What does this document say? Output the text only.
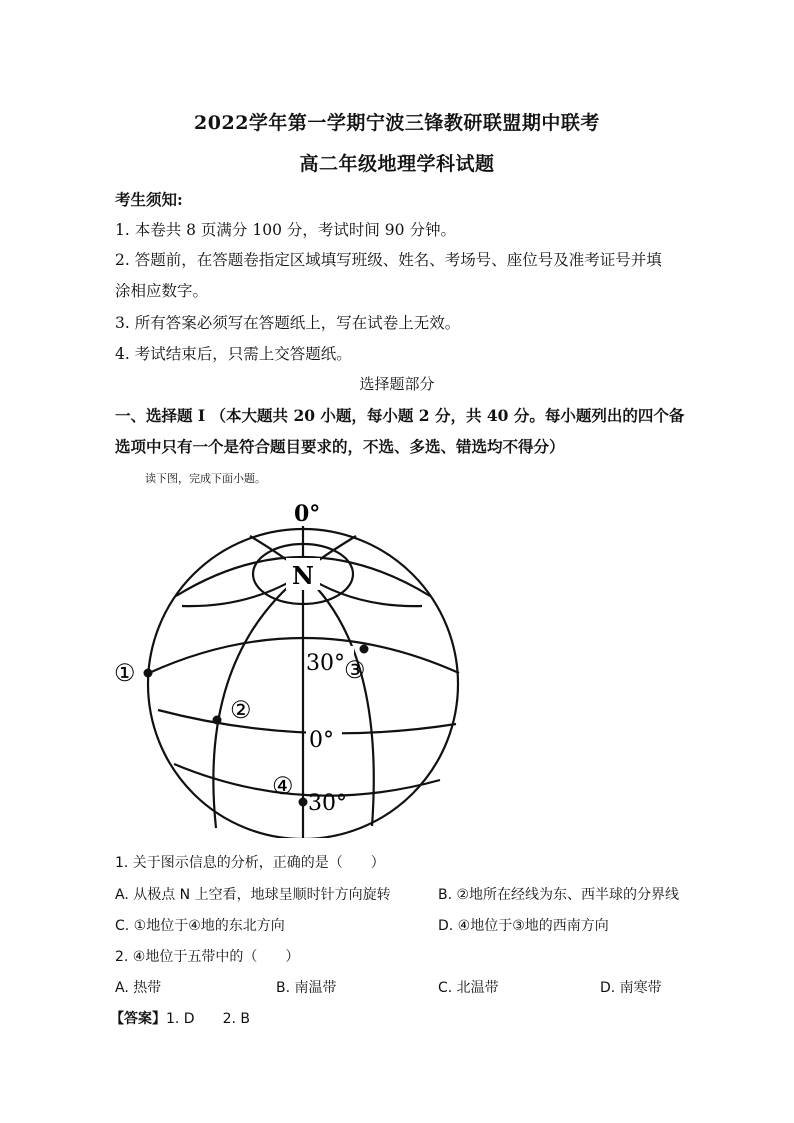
2022学年第一学期宁波三锋教研联盟期中联考
高二年级地理学科试题
考生须知:
1. 本卷共 8 页满分 100 分，考试时间 90 分钟。
2. 答题前，在答题卷指定区域填写班级、姓名、考场号、座位号及准考证号并填
涂相应数字。
3. 所有答案必须写在答题纸上，写在试卷上无效。
4. 考试结束后，只需上交答题纸。
选择题部分
一、选择题 I （本大题共 20 小题，每小题 2 分，共 40 分。每小题列出的四个备
选项中只有一个是符合题目要求的，不选、多选、错选均不得分）
读下图，完成下面小题。
0°
N
30°
0°
30°
①
②
③
④
1. 关于图示信息的分析，正确的是（　　）
A. 从极点 N 上空看，地球呈顺时针方向旋转	B. ②地所在经线为东、西半球的分界线
C. ①地位于④地的东北方向	D. ④地位于③地的西南方向
2. ④地位于五带中的（　　）
A. 热带	B. 南温带	C. 北温带	D. 南寒带
【答案】1. D　　2. B
